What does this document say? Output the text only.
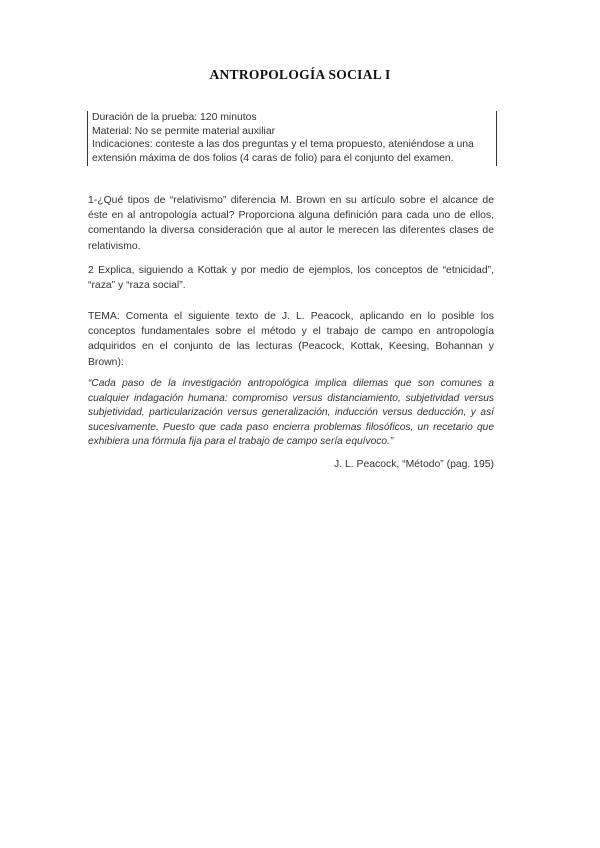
ANTROPOLOGÍA SOCIAL I
Duración de la prueba: 120 minutos
Material: No se permite material auxiliar
Indicaciones: conteste a las dos preguntas y el tema propuesto, ateniéndose a una extensión máxima de dos folios (4 caras de folio) para el conjunto del examen.
1-¿Qué tipos de “relativismo” diferencia M. Brown en su artículo sobre el alcance de éste en al antropología actual? Proporciona alguna definición para cada uno de ellos, comentando la diversa consideración que al autor le merecen las diferentes clases de relativismo.
2 Explica, siguiendo a Kottak y por medio de ejemplos, los conceptos de “etnicidad”, “raza” y “raza social”.
TEMA: Comenta el siguiente texto de J. L. Peacock, aplicando en lo posible los conceptos fundamentales sobre el método y el trabajo de campo en antropología adquiridos en el conjunto de las lecturas (Peacock, Kottak, Keesing, Bohannan y Brown):
“Cada paso de la investigación antropológica implica dilemas que son comunes a cualquier indagación humana: compromiso versus distanciamiento, subjetividad versus subjetividad, particularización versus generalización, inducción versus deducción, y así sucesivamente. Puesto que cada paso encierra problemas filosóficos, un recetario que exhibiera una fórmula fija para el trabajo de campo sería equívoco.”
J. L. Peacock, “Método” (pag. 195)
